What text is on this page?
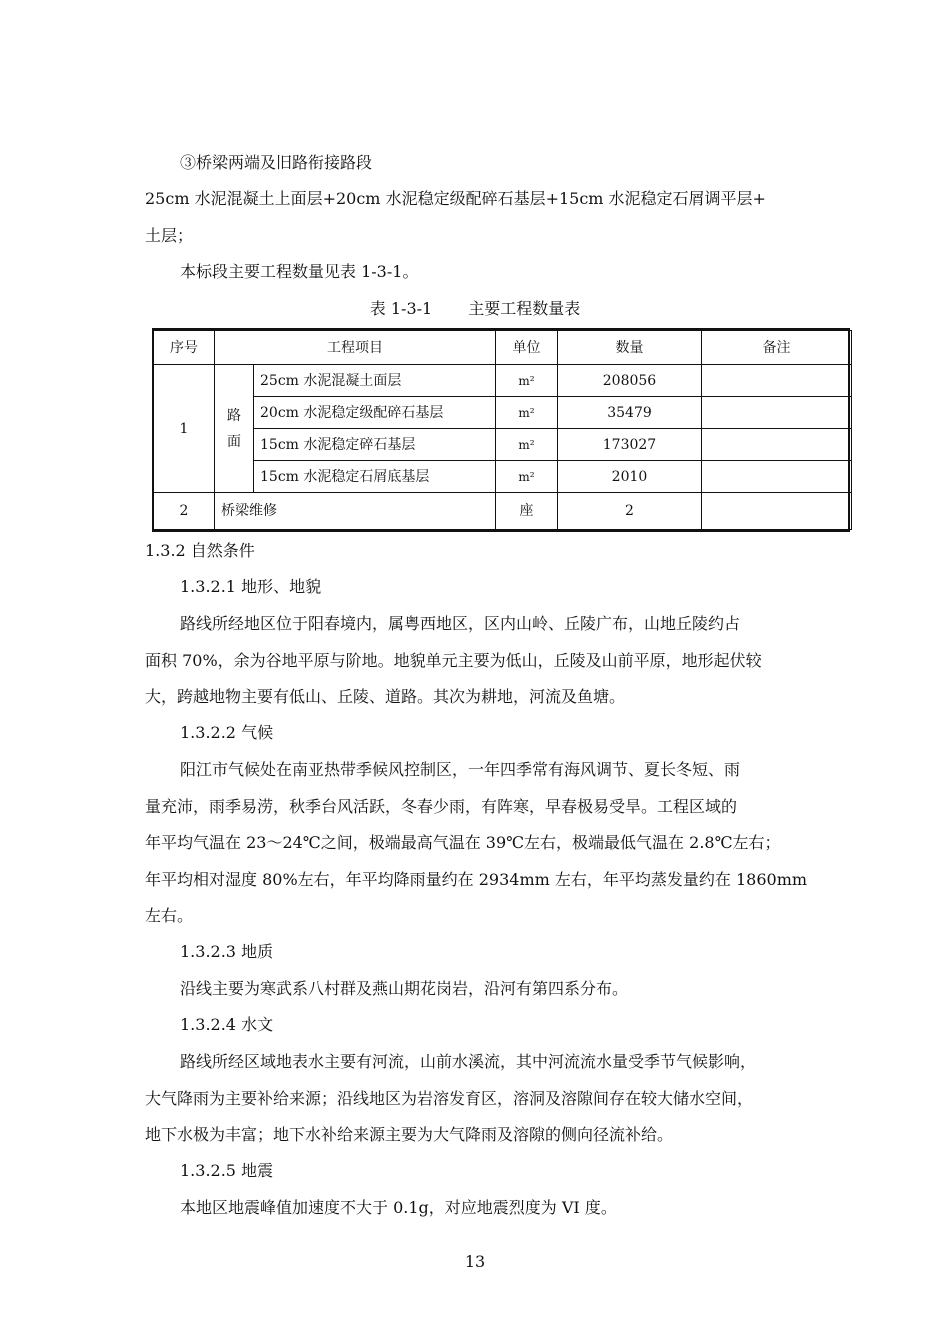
③桥梁两端及旧路衔接路段
25cm 水泥混凝土上面层+20cm 水泥稳定级配碎石基层+15cm 水泥稳定石屑调平层+
土层；
本标段主要工程数量见表 1-3-1。
表 1-3-1 主要工程数量表
序号	工程项目		单位	数量	备注
1	路面	25cm 水泥混凝土面层	m²	208056	
		20cm 水泥稳定级配碎石基层	m²	35479	
		15cm 水泥稳定碎石基层	m²	173027	
		15cm 水泥稳定石屑底基层	m²	2010	
2	桥梁维修		座	2	
1.3.2 自然条件
1.3.2.1 地形、地貌
路线所经地区位于阳春境内，属粤西地区，区内山岭、丘陵广布，山地丘陵约占
面积 70%，余为谷地平原与阶地。地貌单元主要为低山，丘陵及山前平原，地形起伏较
大，跨越地物主要有低山、丘陵、道路。其次为耕地，河流及鱼塘。
1.3.2.2 气候
阳江市气候处在南亚热带季候风控制区，一年四季常有海风调节、夏长冬短、雨
量充沛，雨季易涝，秋季台风活跃，冬春少雨，有阵寒，早春极易受旱。工程区域的
年平均气温在 23～24℃之间，极端最高气温在 39℃左右，极端最低气温在 2.8℃左右；
年平均相对湿度 80%左右，年平均降雨量约在 2934mm 左右，年平均蒸发量约在 1860mm
左右。
1.3.2.3 地质
沿线主要为寒武系八村群及燕山期花岗岩，沿河有第四系分布。
1.3.2.4 水文
路线所经区域地表水主要有河流，山前水溪流，其中河流流水量受季节气候影响，
大气降雨为主要补给来源；沿线地区为岩溶发育区，溶洞及溶隙间存在较大储水空间，
地下水极为丰富；地下水补给来源主要为大气降雨及溶隙的侧向径流补给。
1.3.2.5 地震
本地区地震峰值加速度不大于 0.1g，对应地震烈度为 VI 度。
13
